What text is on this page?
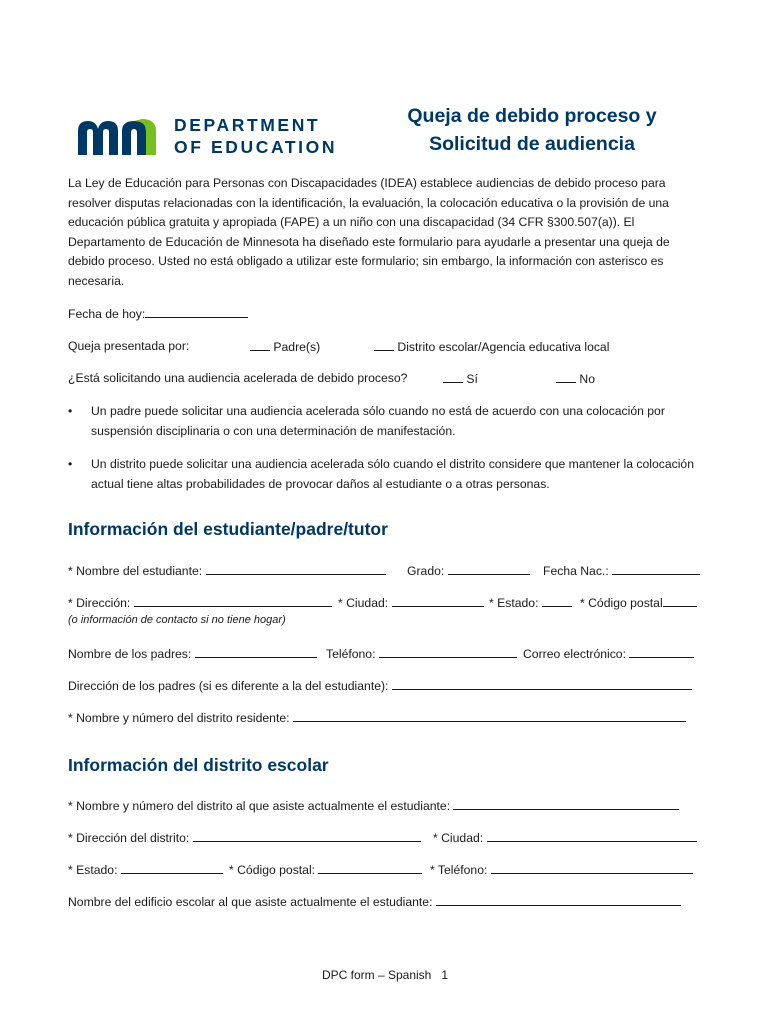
DEPARTMENT
OF EDUCATION
Queja de debido proceso y
Solicitud de audiencia
La Ley de Educación para Personas con Discapacidades (IDEA) establece audiencias de debido proceso para resolver disputas relacionadas con la identificación, la evaluación, la colocación educativa o la provisión de una educación pública gratuita y apropiada (FAPE) a un niño con una discapacidad (34 CFR §300.507(a)). El Departamento de Educación de Minnesota ha diseñado este formulario para ayudarle a presentar una queja de debido proceso. Usted no está obligado a utilizar este formulario; sin embargo, la información con asterisco es necesaria.
Fecha de hoy:
Queja presentada por:	Padre(s)	Distrito escolar/Agencia educativa local
¿Está solicitando una audiencia acelerada de debido proceso?	Sí	No
• Un padre puede solicitar una audiencia acelerada sólo cuando no está de acuerdo con una colocación por suspensión disciplinaria o con una determinación de manifestación.
• Un distrito puede solicitar una audiencia acelerada sólo cuando el distrito considere que mantener la colocación actual tiene altas probabilidades de provocar daños al estudiante o a otras personas.
Información del estudiante/padre/tutor
* Nombre del estudiante:	Grado:	Fecha Nac.:
* Dirección:	* Ciudad:	* Estado:	* Código postal
(o información de contacto si no tiene hogar)
Nombre de los padres:	Teléfono:	Correo electrónico:
Dirección de los padres (si es diferente a la del estudiante):
* Nombre y número del distrito residente:
Información del distrito escolar
* Nombre y número del distrito al que asiste actualmente el estudiante:
* Dirección del distrito:	* Ciudad:
* Estado:	* Código postal:	* Teléfono:
Nombre del edificio escolar al que asiste actualmente el estudiante:
DPC form – Spanish   1
